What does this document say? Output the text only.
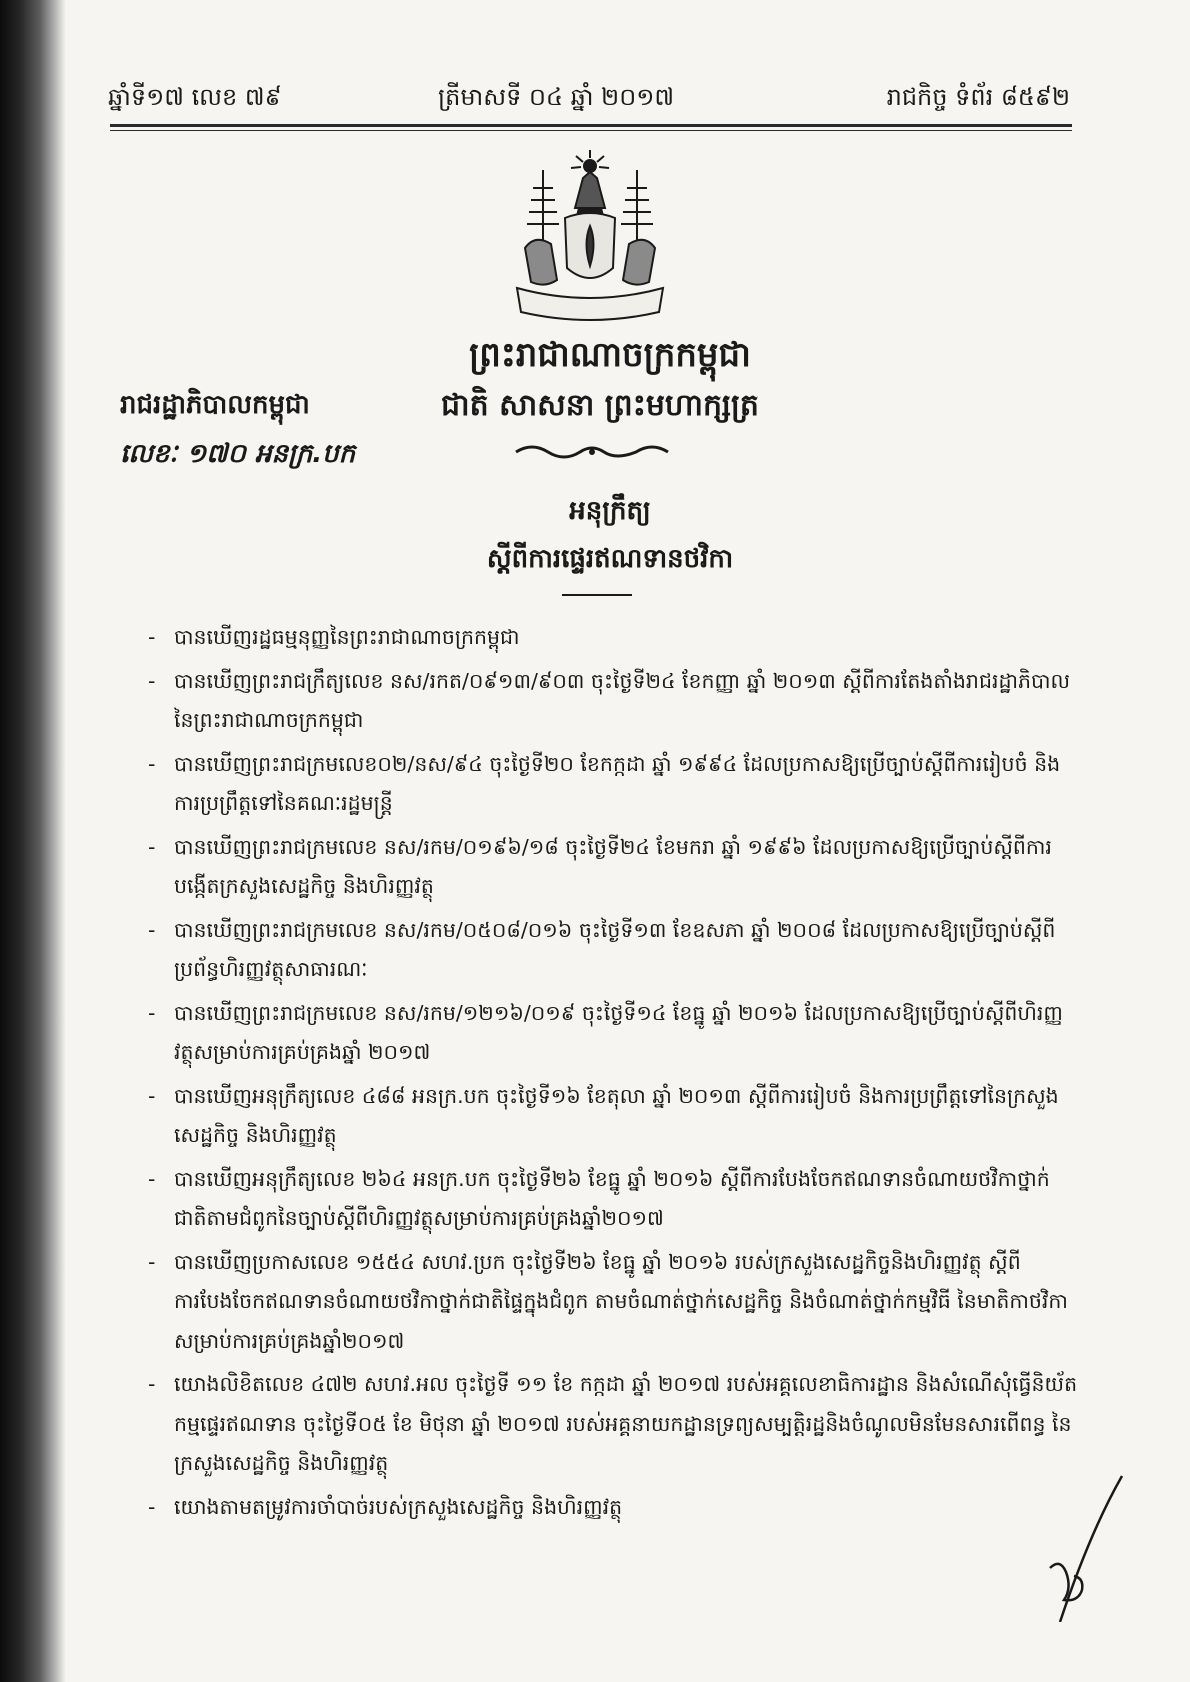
ឆ្នាំទី១៧ លេខ ៧៩	ត្រីមាសទី ០៤ ឆ្នាំ ២០១៧	រាជកិច្ច ទំព័រ ៨៥៩២
ព្រះរាជាណាចក្រកម្ពុជា
រាជរដ្ឋាភិបាលកម្ពុជា	ជាតិ សាសនា ព្រះមហាក្សត្រ
លេខៈ ១៧០ អនក្រ.បក
អនុក្រឹត្យ
ស្តីពីការផ្ទេរឥណទានថវិកា
- បានឃើញរដ្ឋធម្មនុញ្ញនៃព្រះរាជាណាចក្រកម្ពុជា
- បានឃើញព្រះរាជក្រឹត្យលេខ នស/រកត/០៩១៣/៩០៣ ចុះថ្ងៃទី២៤ ខែកញ្ញា ឆ្នាំ ២០១៣ ស្តីពីការតែងតាំងរាជរដ្ឋាភិបាល នៃព្រះរាជាណាចក្រកម្ពុជា
- បានឃើញព្រះរាជក្រមលេខ០២/នស/៩៤ ចុះថ្ងៃទី២០ ខែកក្កដា ឆ្នាំ ១៩៩៤ ដែលប្រកាសឱ្យប្រើច្បាប់ស្តីពីការរៀបចំ និងការប្រព្រឹត្តទៅនៃគណៈរដ្ឋមន្ត្រី
- បានឃើញព្រះរាជក្រមលេខ នស/រកម/០១៩៦/១៨ ចុះថ្ងៃទី២៤ ខែមករា ឆ្នាំ ១៩៩៦ ដែលប្រកាសឱ្យប្រើច្បាប់ស្តីពីការបង្កើតក្រសួងសេដ្ឋកិច្ច និងហិរញ្ញវត្ថុ
- បានឃើញព្រះរាជក្រមលេខ នស/រកម/០៥០៨/០១៦ ចុះថ្ងៃទី១៣ ខែឧសភា ឆ្នាំ ២០០៨ ដែលប្រកាសឱ្យប្រើច្បាប់ស្តីពីប្រព័ន្ធហិរញ្ញវត្ថុសាធារណៈ
- បានឃើញព្រះរាជក្រមលេខ នស/រកម/១២១៦/០១៩ ចុះថ្ងៃទី១៤ ខែធ្នូ ឆ្នាំ ២០១៦ ដែលប្រកាសឱ្យប្រើច្បាប់ស្តីពីហិរញ្ញវត្ថុសម្រាប់ការគ្រប់គ្រងឆ្នាំ ២០១៧
- បានឃើញអនុក្រឹត្យលេខ ៤៨៨ អនក្រ.បក ចុះថ្ងៃទី១៦ ខែតុលា ឆ្នាំ ២០១៣ ស្តីពីការរៀបចំ និងការប្រព្រឹត្តទៅនៃក្រសួងសេដ្ឋកិច្ច និងហិរញ្ញវត្ថុ
- បានឃើញអនុក្រឹត្យលេខ ២៦៤ អនក្រ.បក ចុះថ្ងៃទី២៦ ខែធ្នូ ឆ្នាំ ២០១៦ ស្តីពីការបែងចែកឥណទានចំណាយថវិកាថ្នាក់ជាតិតាមជំពូកនៃច្បាប់ស្តីពីហិរញ្ញវត្ថុសម្រាប់ការគ្រប់គ្រងឆ្នាំ២០១៧
- បានឃើញប្រកាសលេខ ១៥៥៤ សហវ.ប្រក ចុះថ្ងៃទី២៦ ខែធ្នូ ឆ្នាំ ២០១៦ របស់ក្រសួងសេដ្ឋកិច្ចនិងហិរញ្ញវត្ថុ ស្តីពីការបែងចែកឥណទានចំណាយថវិកាថ្នាក់ជាតិផ្ទៃក្នុងជំពូក តាមចំណាត់ថ្នាក់សេដ្ឋកិច្ច និងចំណាត់ថ្នាក់កម្មវិធី នៃមាតិកាថវិកា សម្រាប់ការគ្រប់គ្រងឆ្នាំ២០១៧
- យោងលិខិតលេខ ៤៧២ សហវ.អល ចុះថ្ងៃទី ១១ ខែ កក្កដា ឆ្នាំ ២០១៧ របស់អគ្គលេខាធិការដ្ឋាន និងសំណើសុំធ្វើនិយ័តកម្មផ្ទេរឥណទាន ចុះថ្ងៃទី០៥ ខែ មិថុនា ឆ្នាំ ២០១៧ របស់អគ្គនាយកដ្ឋានទ្រព្យសម្បត្តិរដ្ឋនិងចំណូលមិនមែនសារពើពន្ធ នៃក្រសួងសេដ្ឋកិច្ច និងហិរញ្ញវត្ថុ
- យោងតាមតម្រូវការចាំបាច់របស់ក្រសួងសេដ្ឋកិច្ច និងហិរញ្ញវត្ថុ
